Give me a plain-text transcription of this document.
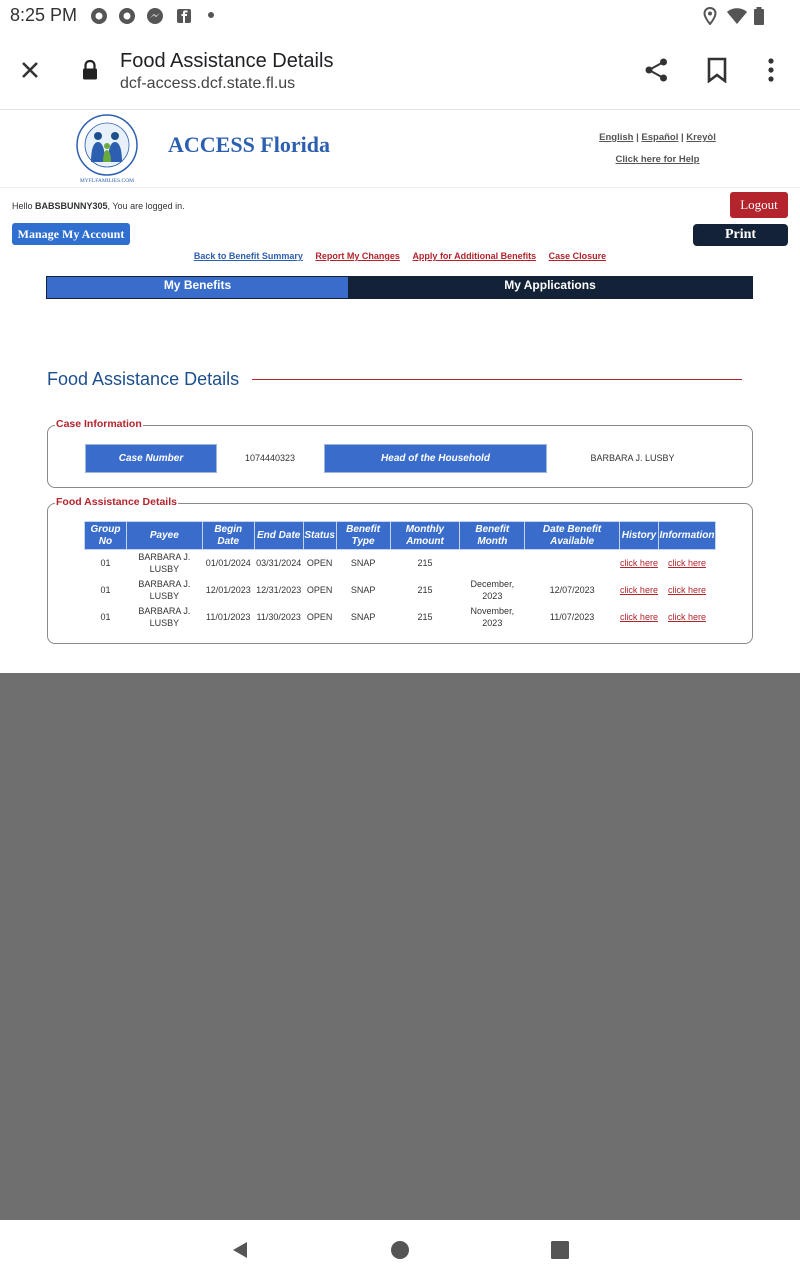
8:25 PM
Food Assistance Details
dcf-access.dcf.state.fl.us
MYFLFAMILIES.COM
ACCESS Florida	English | Español | Kreyòl
Click here for Help
Hello BABSBUNNY305, You are logged in.	Logout
Manage My Account	Print
Back to Benefit Summary Report My Changes Apply for Additional Benefits Case Closure
My Benefits	My Applications
Food Assistance Details
Case Information
Case Number	1074440323	Head of the Household	BARBARA J. LUSBY
Food Assistance Details
Group No	Payee	Begin Date	End Date	Status	Benefit Type	Monthly Amount	Benefit Month	Date Benefit Available	History	Information
01	BARBARA J. LUSBY	01/01/2024	03/31/2024	OPEN	SNAP	215			click here	click here
01	BARBARA J. LUSBY	12/01/2023	12/31/2023	OPEN	SNAP	215	December, 2023	12/07/2023	click here	click here
01	BARBARA J. LUSBY	11/01/2023	11/30/2023	OPEN	SNAP	215	November, 2023	11/07/2023	click here	click here
